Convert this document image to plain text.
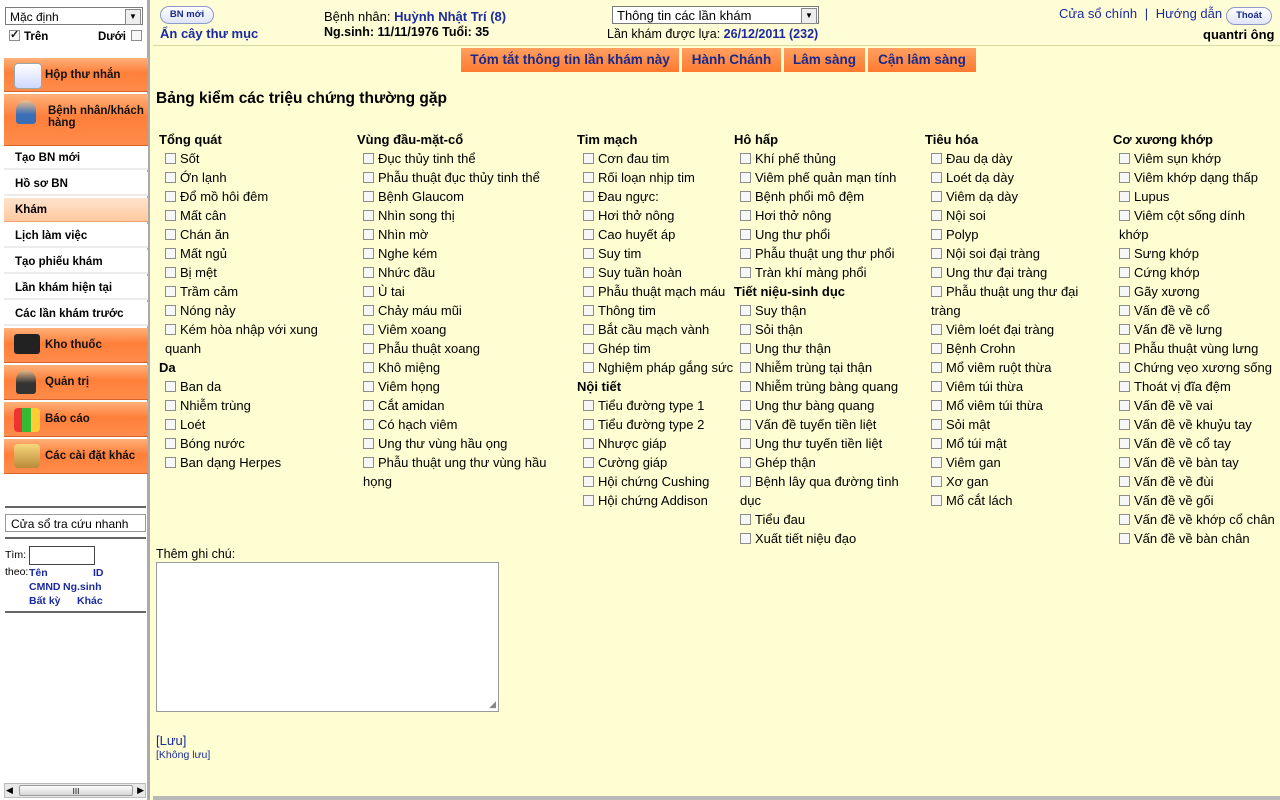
Mặc định	▼
✓Trên	Dưới
Hộp thư nhắn
Bệnh nhân/khách hàng
Tạo BN mới
Hồ sơ BN
Khám
Lịch làm việc
Tạo phiếu khám
Lần khám hiện tại
Các lần khám trước
Kho thuốc
Quản trị
Báo cáo
Các cài đặt khác
Cửa sổ tra cứu nhanh
Tìm:
theo: Tên	ID
CMND Ng.sinh
Bất kỳ Khác
◀	III	▶
BN mới
Ẩn cây thư mục
Bệnh nhân: Huỳnh Nhật Trí (8)
Ng.sinh: 11/11/1976 Tuổi: 35
Thông tin các lần khám	▼
Lần khám được lựa: 26/12/2011 (232)
Cửa sổ chính | Hướng dẫn	Thoát
quantri ông
Tóm tắt thông tin lần khám này	Hành Chánh	Lâm sàng	Cận lâm sàng
Bảng kiểm các triệu chứng thường gặp
Tổng quát
Sốt
Ớn lạnh
Đổ mồ hôi đêm
Mất cân
Chán ăn
Mất ngủ
Bị mệt
Trầm cảm
Nóng nảy
Kém hòa nhập với xung quanh
Da
Ban da
Nhiễm trùng
Loét
Bóng nước
Ban dạng Herpes
Vùng đầu-mặt-cổ
Đục thủy tinh thể
Phẫu thuật đục thủy tinh thể
Bệnh Glaucom
Nhìn song thị
Nhìn mờ
Nghe kém
Nhức đầu
Ù tai
Chảy máu mũi
Viêm xoang
Phẫu thuật xoang
Khô miệng
Viêm họng
Cắt amidan
Có hạch viêm
Ung thư vùng hầu ọng
Phẫu thuật ung thư vùng hầu họng
Tim mạch
Cơn đau tim
Rối loạn nhịp tim
Đau ngực:
Hơi thở nông
Cao huyết áp
Suy tim
Suy tuần hoàn
Phẫu thuật mạch máu
Thông tim
Bắt cầu mạch vành
Ghép tim
Nghiệm pháp gắng sức
Nội tiết
Tiểu đường type 1
Tiểu đường type 2
Nhược giáp
Cường giáp
Hội chứng Cushing
Hội chứng Addison
Hô hấp
Khí phế thủng
Viêm phế quản mạn tính
Bệnh phổi mô đệm
Hơi thở nông
Ung thư phổi
Phẫu thuật ung thư phổi
Tràn khí màng phổi
Tiết niệu-sinh dục
Suy thận
Sỏi thận
Ung thư thận
Nhiễm trùng tại thận
Nhiễm trùng bàng quang
Ung thư bàng quang
Vấn đề tuyến tiền liệt
Ung thư tuyến tiền liệt
Ghép thận
Bệnh lây qua đường tình dục
Tiểu đau
Xuất tiết niệu đạo
Tiêu hóa
Đau dạ dày
Loét dạ dày
Viêm dạ dày
Nội soi
Polyp
Nội soi đại tràng
Ung thư đại tràng
Phẫu thuật ung thư đại tràng
Viêm loét đại tràng
Bệnh Crohn
Mổ viêm ruột thừa
Viêm túi thừa
Mổ viêm túi thừa
Sỏi mật
Mổ túi mật
Viêm gan
Xơ gan
Mổ cắt lách
Cơ xương khớp
Viêm sụn khớp
Viêm khớp dạng thấp
Lupus
Viêm cột sống dính khớp
Sưng khớp
Cứng khớp
Gãy xương
Vấn đề về cổ
Vấn đề về lưng
Phẫu thuật vùng lưng
Chứng vẹo xương sống
Thoát vị đĩa đệm
Vấn đề về vai
Vấn đề về khuỷu tay
Vấn đề về cổ tay
Vấn đề về bàn tay
Vấn đề về đùi
Vấn đề về gối
Vấn đề về khớp cổ chân
Vấn đề về bàn chân
Thêm ghi chú:
◢
[Lưu]
[Không lưu]
